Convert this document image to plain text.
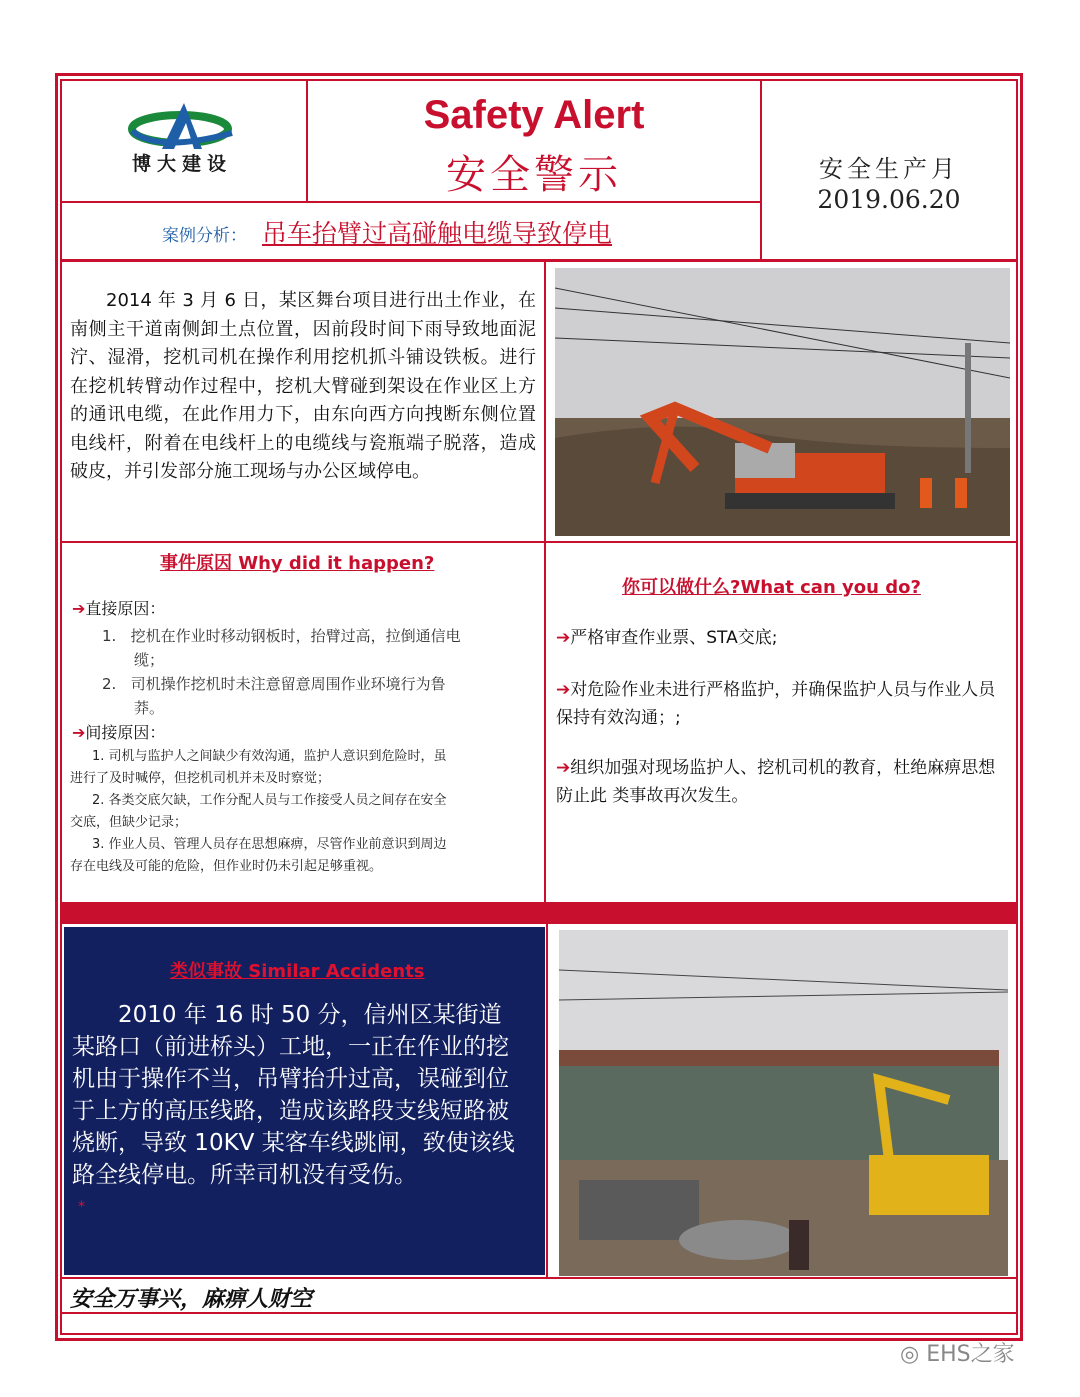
博大建设
Safety Alert
安全警示	安全生产月
2019.06.20
案例分析： 吊车抬臂过高碰触电缆导致停电
2014 年 3 月 6 日，某区舞台项目进行出土作业，在南侧主干道南侧卸土点位置，因前段时间下雨导致地面泥泞、湿滑，挖机司机在操作利用挖机抓斗铺设铁板。进行在挖机转臂动作过程中，挖机大臂碰到架设在作业区上方的通讯电缆，在此作用力下，由东向西方向拽断东侧位置电线杆，附着在电线杆上的电缆线与瓷瓶端子脱落，造成破皮，并引发部分施工现场与办公区域停电。
事件原因 Why did it happen?
➔直接原因：
1. 挖机在作业时移动钢板时，抬臂过高，拉倒通信电
缆；
2. 司机操作挖机时未注意留意周围作业环境行为鲁
莽。
➔间接原因：
1. 司机与监护人之间缺少有效沟通，监护人意识到危险时，虽
进行了及时喊停，但挖机司机并未及时察觉；
2. 各类交底欠缺，工作分配人员与工作接受人员之间存在安全
交底，但缺少记录；
3. 作业人员、管理人员存在思想麻痹，尽管作业前意识到周边
存在电线及可能的危险，但作业时仍未引起足够重视。
你可以做什么?What can you do?
➔严格审查作业票、STA交底;
➔对危险作业未进行严格监护，并确保监护人员与作业人员保持有效沟通；;
➔组织加强对现场监护人、挖机司机的教育，杜绝麻痹思想防止此 类事故再次发生。
类似事故 Similar Accidents
2010 年 16 时 50 分，信州区某街道某路口（前进桥头）工地，一正在作业的挖机由于操作不当，吊臂抬升过高，误碰到位于上方的高压线路，造成该路段支线短路被烧断，导致 10KV 某客车线跳闸，致使该线路全线停电。所幸司机没有受伤。
*
安全万事兴，麻痹人财空
◎ EHS之家
